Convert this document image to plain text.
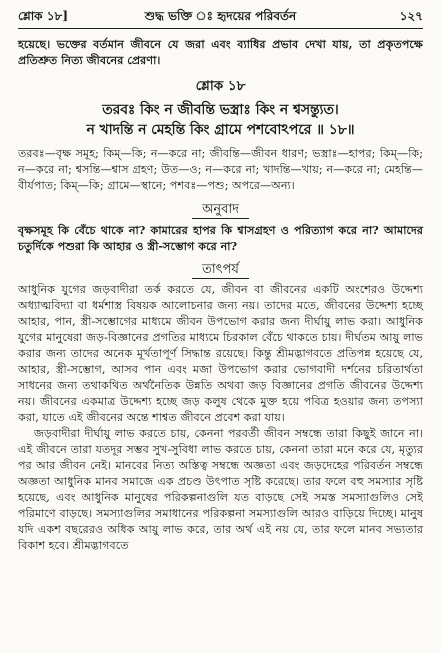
শ্লোক ১৮]	শুদ্ধ ভক্তি ঃ হৃদয়ের পরিবর্তন	১২৭

হয়েছে। ভক্তের বর্তমান জীবনে যে জরা এবং ব্যাধির প্রভাব দেখা যায়, তা প্রকৃতপক্ষে প্রতিশ্রুত নিত্য জীবনের প্রেরণা।

শ্লোক ১৮

তরবঃ কিং ন জীবন্তি ভস্ত্রাঃ কিং ন শ্বসন্ত্যুত।

ন খাদন্তি ন মেহন্তি কিং গ্রামে পশবোঽপরে ॥ ১৮॥

তরবঃ—বৃক্ষ সমূহ; কিম্—কি; ন—করে না; জীবন্তি—জীবন ধারণ; ভস্ত্রাঃ—হাপর; কিম্—কি; ন—করে না; শ্বসন্তি—শ্বাস গ্রহণ; উত—ও; ন—করে না; খাদন্তি—খায়; ন—করে না; মেহন্তি—বীর্যপাত; কিম্—কি; গ্রামে—স্থানে; পশবঃ—পশু; অপরে—অন্য।

অনুবাদ

বৃক্ষসমূহ কি বেঁচে থাকে না? কামারের হাপর কি শ্বাসগ্রহণ ও পরিত্যাগ করে না? আমাদের চতুর্দিকে পশুরা কি আহার ও স্ত্রী-সম্ভোগ করে না?

তাৎপর্য

আধুনিক যুগের জড়বাদীরা তর্ক করতে যে, জীবন বা জীবনের একটি অংশেরও উদ্দেশ্য অধ্যাত্মবিদ্যা বা ধর্মশাস্ত্র বিষয়ক আলোচনার জন্য নয়। তাদের মতে, জীবনের উদ্দেশ্য হচ্ছে আহার, পান, স্ত্রী-সম্ভোগের মাধ্যমে জীবন উপভোগ করার জন্য দীর্ঘায়ু লাভ করা। আধুনিক যুগের মানুষেরা জড়-বিজ্ঞানের প্রগতির মাধ্যমে চিরকাল বেঁচে থাকতে চায়। দীর্ঘতম আয়ু লাভ করার জন্য তাদের অনেক মূর্খতাপূর্ণ সিদ্ধান্ত রয়েছে। কিন্তু শ্রীমদ্ভাগবতে প্রতিপন্ন হয়েছে যে, আহার, স্ত্রী-সম্ভোগ, আসব পান এবং মজা উপভোগ করার ভোগবাদী দর্শনের চরিতার্থতা সাধনের জন্য তথাকথিত অর্থনৈতিক উন্নতি অথবা জড় বিজ্ঞানের প্রগতি জীবনের উদ্দেশ্য নয়। জীবনের একমাত্র উদ্দেশ্য হচ্ছে জড় কলুষ থেকে মুক্ত হয়ে পবিত্র হওয়ার জন্য তপস্যা করা, যাতে এই জীবনের অন্তে শাশ্বত জীবনে প্রবেশ করা যায়।

জড়বাদীরা দীর্ঘায়ু লাভ করতে চায়, কেননা পরবর্তী জীবন সম্বন্ধে তারা কিছুই জানে না। এই জীবনে তারা যতদূর সম্ভব সুখ-সুবিধা লাভ করতে চায়, কেননা তারা মনে করে যে, মৃত্যুর পর আর জীবন নেই। মানবের নিত্য অস্তিত্ব সম্বন্ধে অজ্ঞতা এবং জড়দেহের পরিবর্তন সম্বন্ধে অজ্ঞতা আধুনিক মানব সমাজে এক প্রচণ্ড উৎপাত সৃষ্টি করেছে। তার ফলে বহু সমস্যার সৃষ্টি হয়েছে, এবং আধুনিক মানুষের পরিকল্পনাগুলি যত বাড়ছে সেই সমস্ত সমস্যাগুলিও সেই পরিমাণে বাড়ছে। সমস্যাগুলির সমাধানের পরিকল্পনা সমস্যাগুলি আরও বাড়িয়ে দিচ্ছে। মানুষ যদি একশ বছরেরও অধিক আয়ু লাভ করে, তার অর্থ এই নয় যে, তার ফলে মানব সভ্যতার বিকাশ হবে। শ্রীমদ্ভাগবতে
